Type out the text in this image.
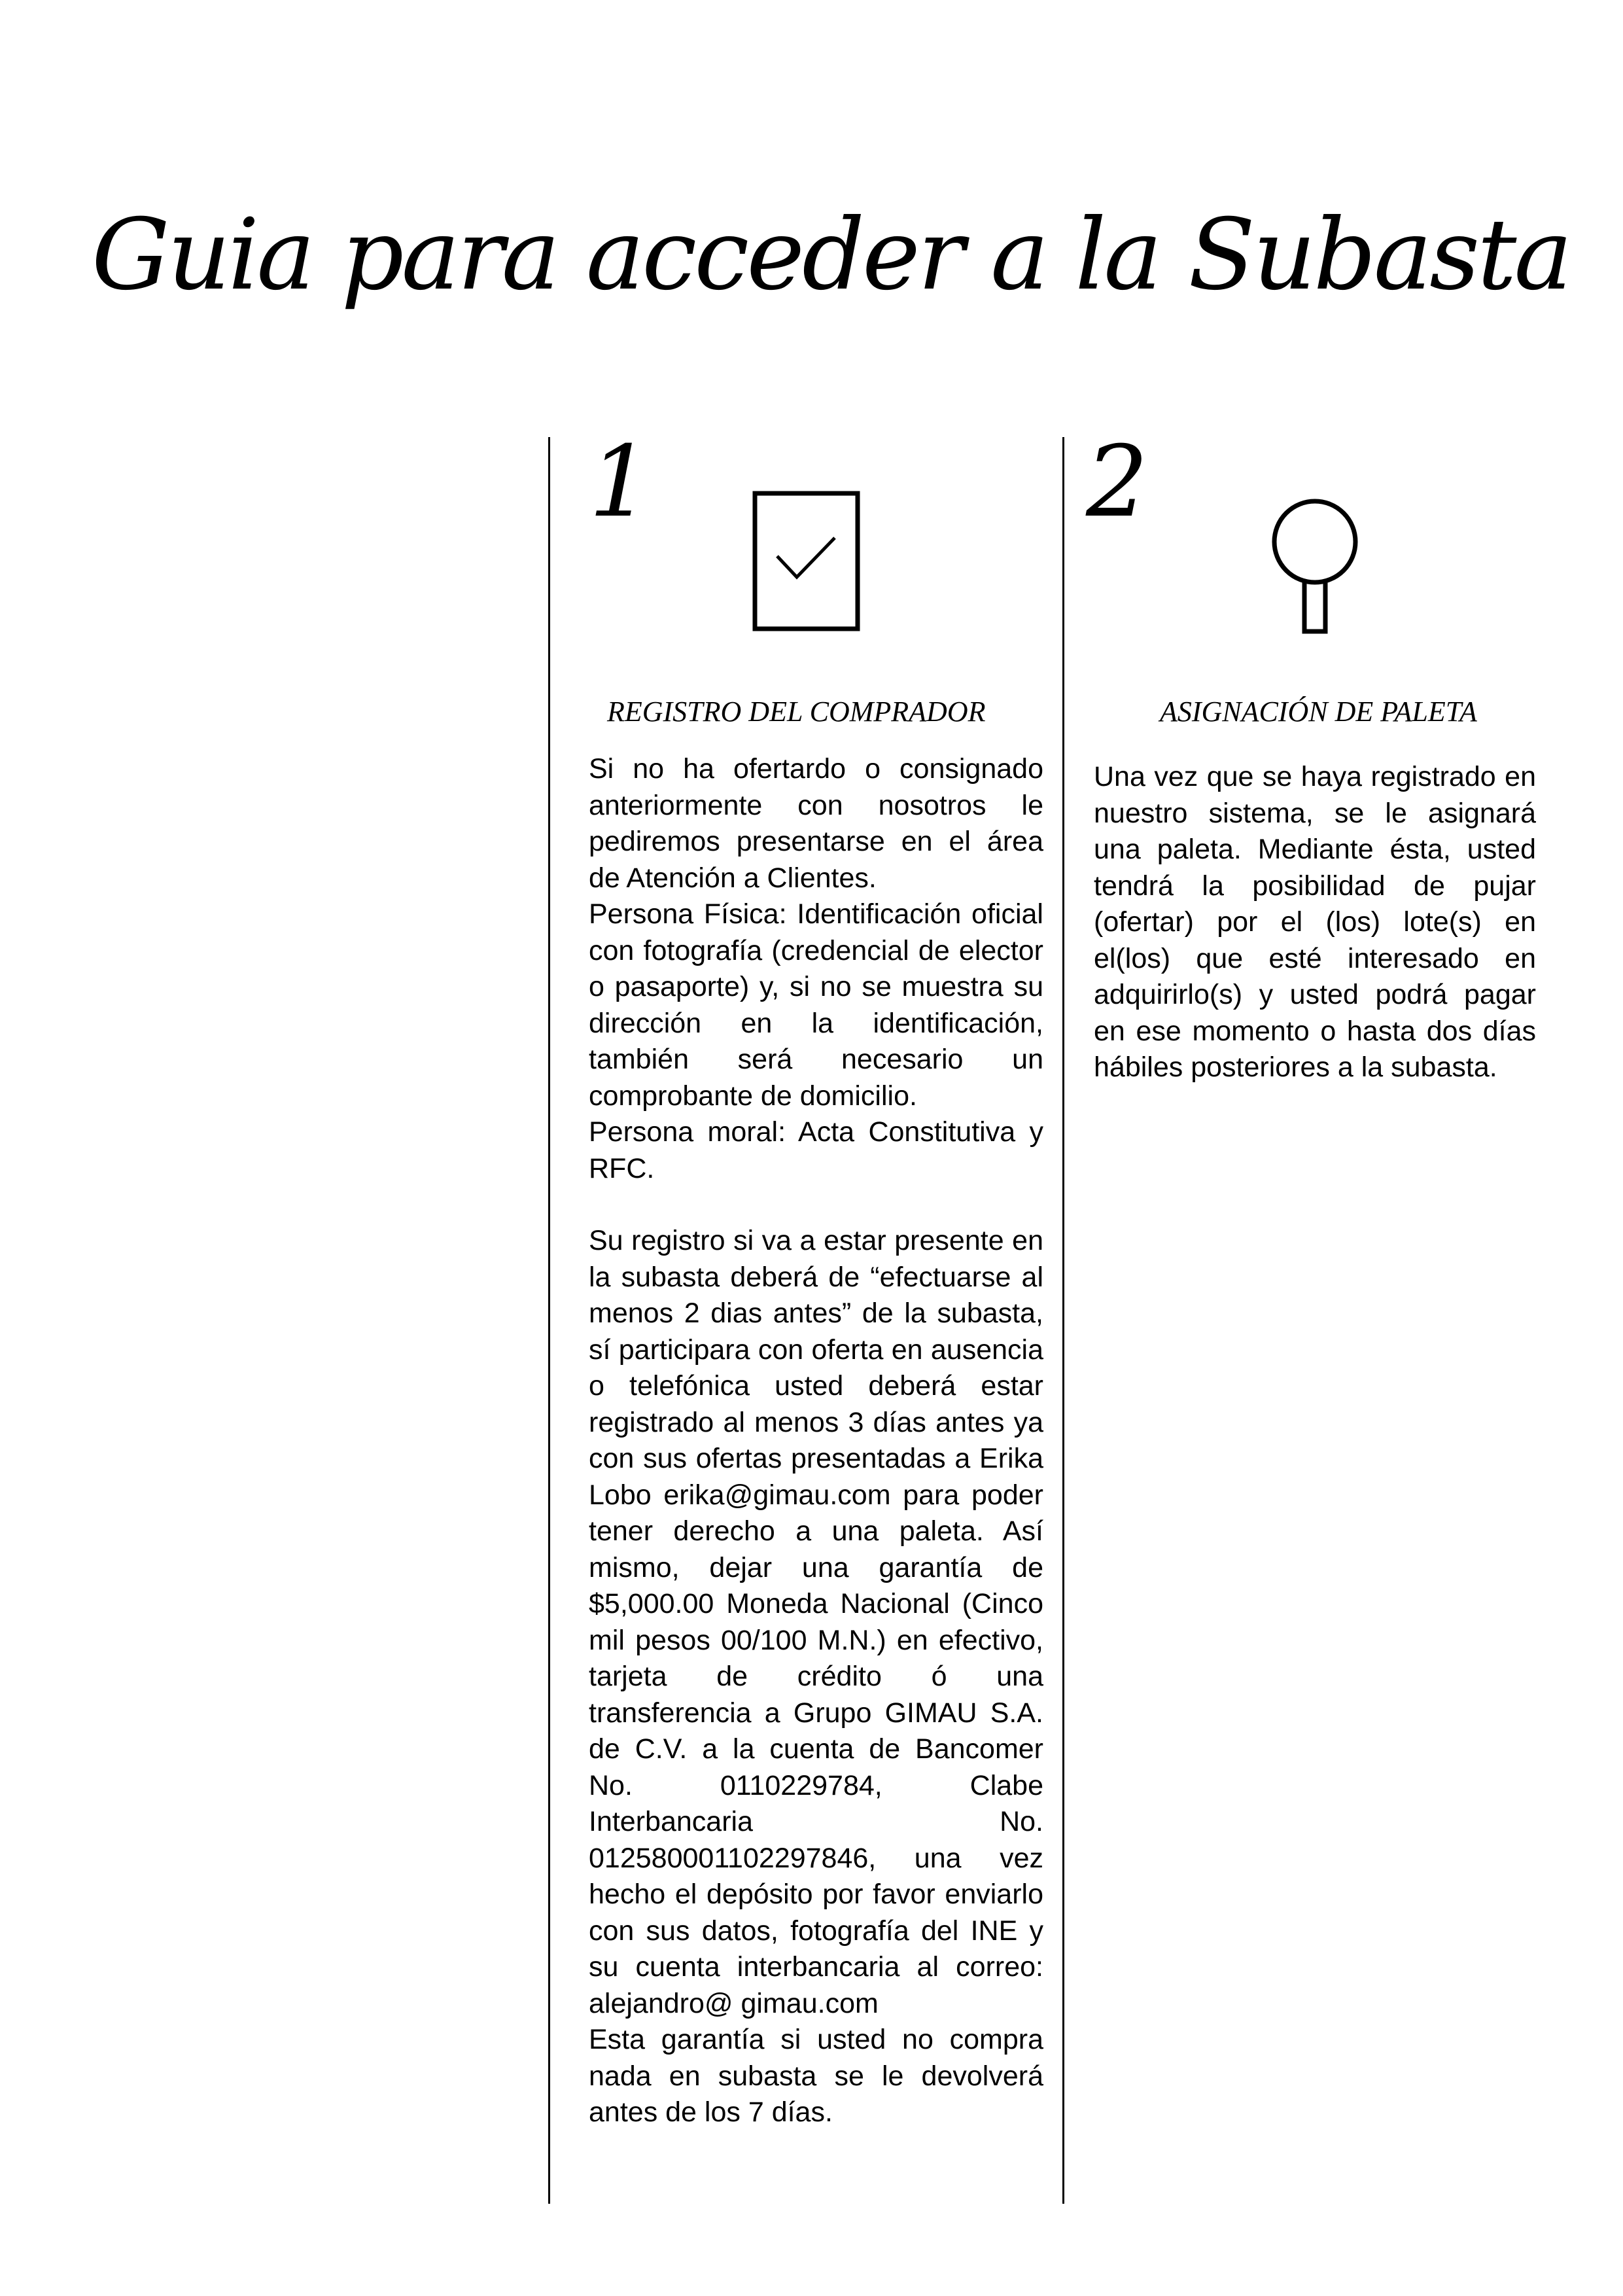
Guia para acceder a la Subasta
1
REGISTRO DEL COMPRADOR

Si no ha ofertardo o consignado anteriormente con nosotros le pediremos presentarse en el área de Atención a Clientes.

Persona Física: Identificación oficial con fotografía (credencial de elector o pasaporte) y, si no se muestra su dirección en la identificación, también será necesario un comprobante de domicilio.

Persona moral: Acta Constitutiva y RFC.

Su registro si va a estar presente en la subasta deberá de “efectuarse al menos 2 dias antes” de la subasta, sí participara con oferta en ausencia o telefónica usted deberá estar registrado al menos 3 días antes ya con sus ofertas presentadas a Erika Lobo erika@gimau.com para poder tener derecho a una paleta. Así mismo, dejar una garantía de $5,000.00 Moneda Nacional (Cinco mil pesos 00/100 M.N.) en efectivo, tarjeta de crédito ó una transferencia a Grupo GIMAU S.A. de C.V. a la cuenta de Bancomer No. 0110229784, Clabe Interbancaria No. 012580001102297846, una vez hecho el depósito por favor enviarlo con sus datos, fotografía del INE y su cuenta interbancaria al correo: alejandro@ gimau.com

Esta garantía si usted no compra nada en subasta se le devolverá antes de los 7 días.

2
ASIGNACIÓN DE PALETA

Una vez que se haya registrado en nuestro sistema, se le asignará una paleta. Mediante ésta, usted tendrá la posibilidad de pujar (ofertar) por el (los) lote(s) en el(los) que esté interesado en adquirirlo(s) y usted podrá pagar en ese momento o hasta dos días hábiles posteriores a la subasta.
